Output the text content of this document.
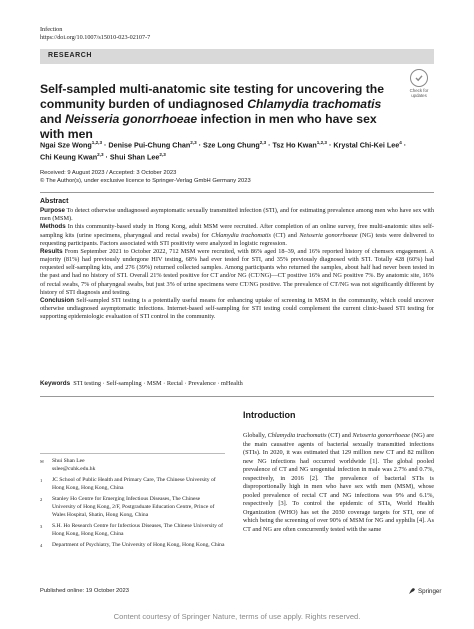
Infection
https://doi.org/10.1007/s15010-023-02107-7
RESEARCH
Check for
updates
Self-sampled multi-anatomic site testing for uncovering the community burden of undiagnosed Chlamydia trachomatis and Neisseria gonorrhoeae infection in men who have sex with men
Ngai Sze Wong$^{1,2,3}$ · Denise Pui-Chung Chan$^{2,3}$ · Sze Long Chung$^{2,3}$ · Tsz Ho Kwan$^{1,2,3}$ · Krystal Chi-Kei Lee$^4$ ·
Chi Keung Kwan$^{2,3}$ · Shui Shan Lee$^{2,3}$
Received: 9 August 2023 / Accepted: 3 October 2023
© The Author(s), under exclusive licence to Springer-Verlag GmbH Germany 2023
Abstract

Purpose To detect otherwise undiagnosed asymptomatic sexually transmitted infection (STI), and for estimating prevalence among men who have sex with men (MSM).

Methods In this community-based study in Hong Kong, adult MSM were recruited. After completion of an online survey, free multi-anatomic sites self-sampling kits (urine specimens, pharyngeal and rectal swabs) for Chlamydia trachomatis (CT) and Neisseria gonorrhoeae (NG) tests were delivered to requesting participants. Factors associated with STI positivity were analyzed in logistic regression.

Results From September 2021 to October 2022, 712 MSM were recruited, with 86% aged 18–39, and 16% reported history of chemsex engagement. A majority (81%) had previously undergone HIV testing, 68% had ever tested for STI, and 35% previously diagnosed with STI. Totally 428 (60%) had requested self-sampling kits, and 276 (39%) returned collected samples. Among participants who returned the samples, about half had never been tested in the past and had no history of STI. Overall 21% tested positive for CT and/or NG (CT/NG)—CT positive 16% and NG positive 7%. By anatomic site, 16% of rectal swabs, 7% of pharyngeal swabs, but just 3% of urine specimens were CT/NG positive. The prevalence of CT/NG was not significantly different by history of STI diagnosis and testing.

Conclusion Self-sampled STI testing is a potentially useful means for enhancing uptake of screening in MSM in the community, which could uncover otherwise undiagnosed asymptomatic infections. Internet-based self-sampling for STI testing could complement the current clinic-based STI testing for supporting epidemiologic evaluation of STI control in the community.

Keywords STI testing · Self-sampling · MSM · Rectal · Prevalence · mHealth
Introduction

Globally, Chlamydia trachomatis (CT) and Neisseria gonorrhoeae (NG) are the main causative agents of bacterial sexually transmitted infections (STIs). In 2020, it was estimated that 129 million new CT and 82 million new NG infections had occurred worldwide [1]. The global pooled prevalence of CT and NG urogenital infection in male was 2.7% and 0.7%, respectively, in 2016 [2]. The prevalence of bacterial STIs is disproportionally high in men who have sex with men (MSM), whose pooled prevalence of rectal CT and NG infections was 9% and 6.1%, respectively [3]. To control the epidemic of STIs, World Health Organization (WHO) has set the 2030 coverage targets for STI, one of which being the screening of over 90% of MSM for NG and syphilis [4]. As CT and NG are often concurrently tested with the same

✉	Shui Shan Lee
sslee@cuhk.edu.hk
1	JC School of Public Health and Primary Care, The Chinese University of Hong Kong, Hong Kong, China
2	Stanley Ho Centre for Emerging Infectious Diseases, The Chinese University of Hong Kong, 2/F, Postgraduate Education Centre, Prince of Wales Hospital, Shatin, Hong Kong, China
3	S.H. Ho Research Centre for Infectious Diseases, The Chinese University of Hong Kong, Hong Kong, China
4	Department of Psychiatry, The University of Hong Kong, Hong Kong, China
Published online: 19 October 2023	Springer
Content courtesy of Springer Nature, terms of use apply. Rights reserved.
